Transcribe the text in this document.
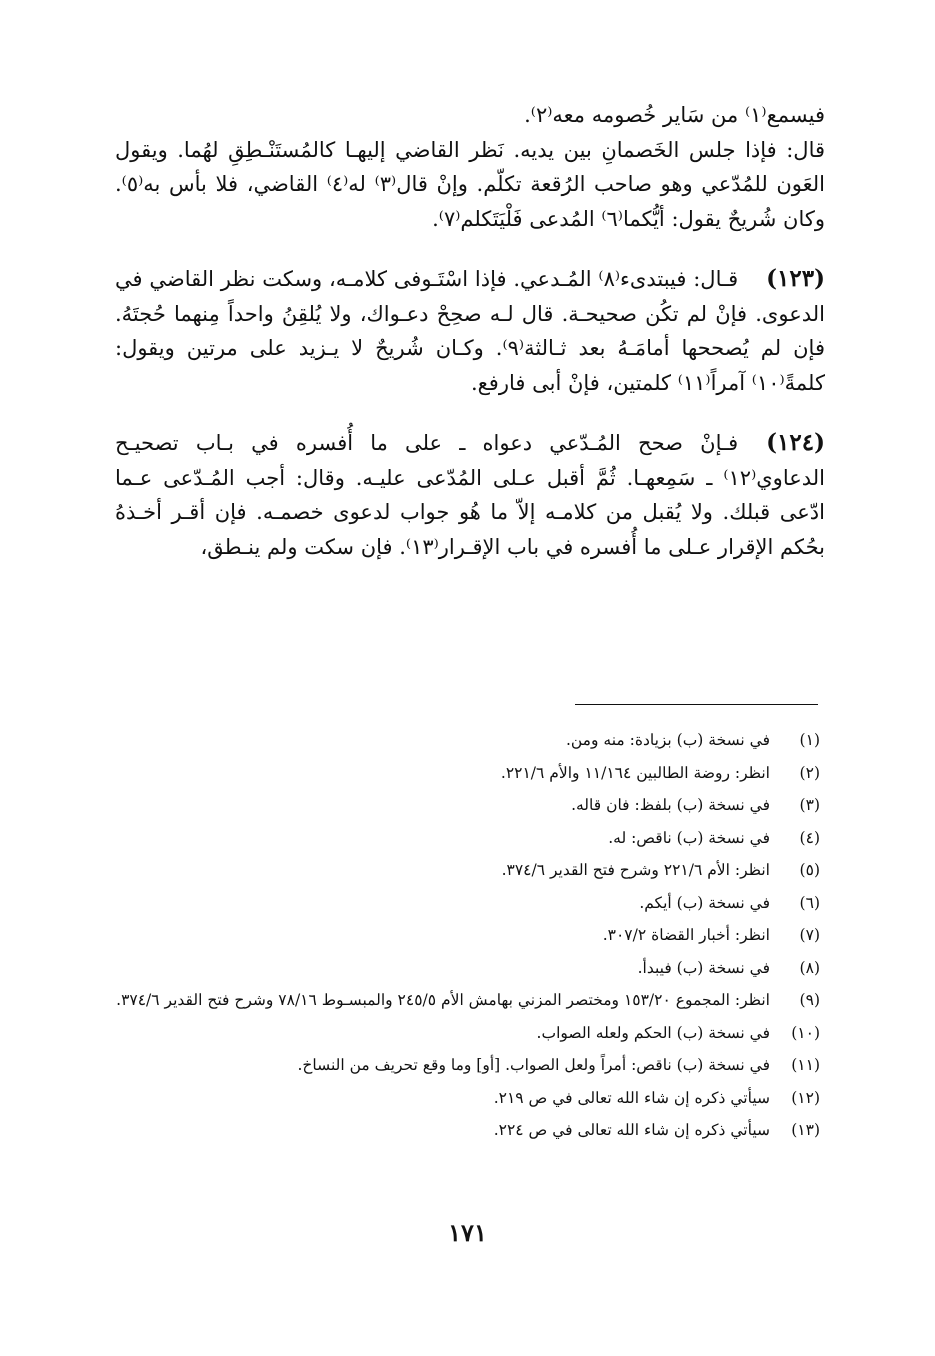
فيسمع⁽١⁾ من سَاير خُصومه معه⁽٢⁾.

قال: فإذا جلس الخَصمانِ بين يديه. نَظر القاضي إليهـا كالمُستَنْـطِقِ لهُما. ويقول العَون للمُدّعي وهو صاحب الرُقعة تكلّم. وإنْ قال⁽٣⁾ له⁽٤⁾ القاضي، فلا بأس به⁽٥⁾. وكان شُريحٌ يقول: أيُّكما⁽٦⁾ المُدعى فَلْيَتَكلم⁽٧⁾.

(١٢٣)قـال: فيبتدىء⁽٨⁾ المُـدعي. فإذا اسْتَـوفى كلامـه، وسكت نظر القاضي في الدعوى. فإنْ لم تكُن صحيحـة. قال لـه صحِحْ دعـواك، ولا يُلقِنُ واحداً مِنهما حُجتَهُ. فإن لم يُصححها أمامَـهُ بعد ثـالثة⁽٩⁾. وكـان شُريحٌ لا يـزيد على مرتين ويقول: كلمةً⁽١٠⁾ آمراً⁽١١⁾ كلمتين، فإنْ أبى فارفع.

(١٢٤)فـإنْ صحح المُـدّعي دعواه ـ على ما أُفسره في بـاب تصحيـح الدعاوي⁽١٢⁾ ـ سَمِعهـا. ثُمَّ أقبل عـلى المُدّعى عليـه. وقال: أجب المُـدّعى عـما ادّعى قبلك. ولا يُقبل من كلامـه إلاّ ما هُو جواب لدعوى خصمـه. فإن أقـر أخـذهُ بحُكم الإقرار عـلى ما أُفسره في باب الإقـرار⁽١٣⁾. فإن سكت ولم ينـطق،

(١)
في نسخة (ب) بزيادة: منه ومن.
(٢)
انظر: روضة الطالبين ١١/١٦٤ والأم ٢٢١/٦.
(٣)
في نسخة (ب) بلفظ: فان قاله.
(٤)
في نسخة (ب) ناقص: له.
(٥)
انظر: الأم ٢٢١/٦ وشرح فتح القدير ٣٧٤/٦.
(٦)
في نسخة (ب) أيكم.
(٧)
انظر: أخبار القضاة ٣٠٧/٢.
(٨)
في نسخة (ب) فيبدأ.
(٩)
انظر: المجموع ١٥٣/٢٠ ومختصر المزني بهامش الأم ٢٤٥/٥ والمبسـوط ٧٨/١٦ وشرح فتح القدير ٣٧٤/٦.
(١٠)
في نسخة (ب) الحكم ولعله الصواب.
(١١)
في نسخة (ب) ناقص: أمراً ولعل الصواب. [أو] وما وقع تحريف من النساخ.
(١٢)
سيأتي ذكره إن شاء الله تعالى في ص ٢١٩.
(١٣)
سيأتي ذكره إن شاء الله تعالى في ص ٢٢٤.
١٧١
